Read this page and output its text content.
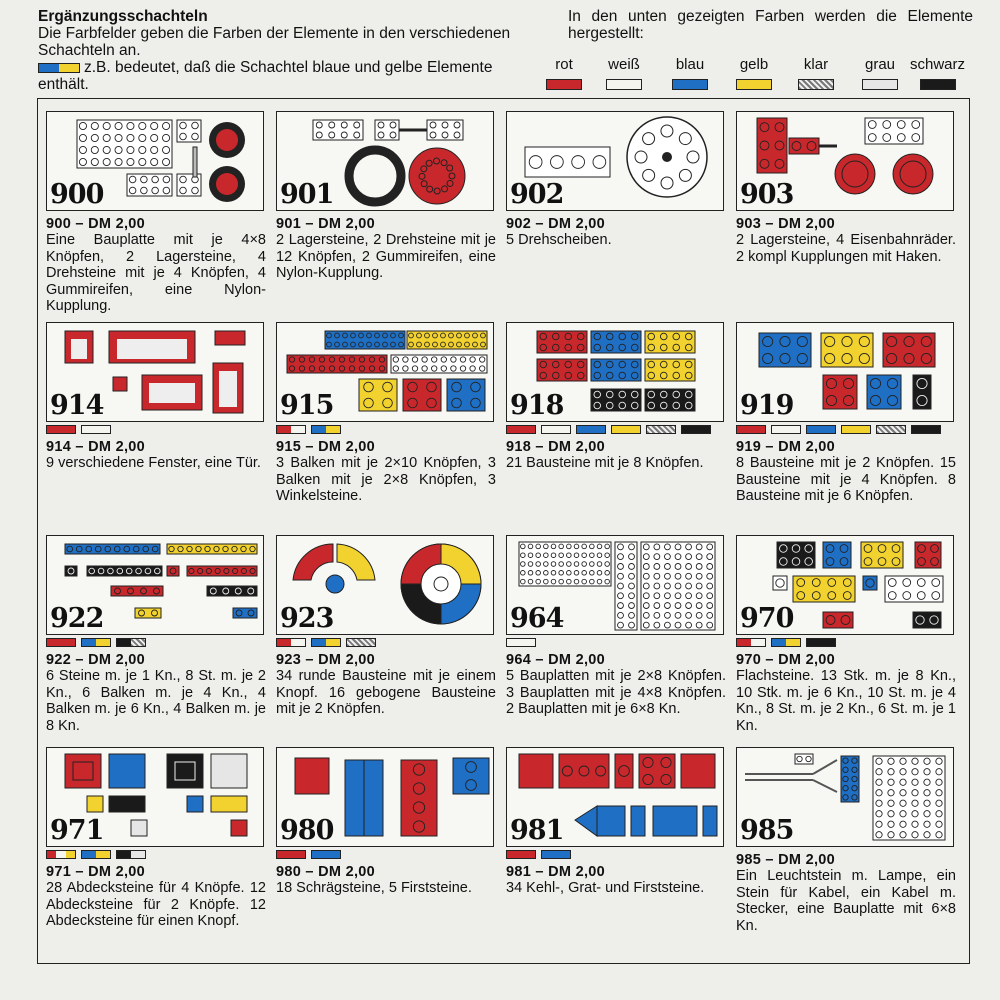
Ergänzungsschachteln
Die Farbfelder geben die Farben der Elemente in den verschiedenen Schachteln an.
z.B. bedeutet, daß die Schachtel blaue und gelbe Elemente enthält.
In den unten gezeigten Farben werden die Elemente hergestellt:
rot	weiß blau gelb	klar	grau schwarz
900
900 – DM 2,00
Eine Bauplatte mit je 4×8 Knöpfen, 2 Lagersteine, 4 Drehsteine mit je 4 Knöpfen, 4 Gummireifen, eine Nylon-Kupplung.
901
901 – DM 2,00
2 Lagersteine, 2 Drehsteine mit je 12 Knöpfen, 2 Gummireifen, eine Nylon-Kupplung.
902
902 – DM 2,00
5 Drehscheiben.
903
903 – DM 2,00
2 Lagersteine, 4 Eisenbahnräder. 2 kompl Kupplungen mit Haken.
914
914 – DM 2,00
9 verschiedene Fenster, eine Tür.
915
915 – DM 2,00
3 Balken mit je 2×10 Knöpfen, 3 Balken mit je 2×8 Knöpfen, 3 Winkelsteine.
918
918 – DM 2,00
21 Bausteine mit je 8 Knöpfen.
919
919 – DM 2,00
8 Bausteine mit je 2 Knöpfen. 15 Bausteine mit je 4 Knöpfen. 8 Bausteine mit je 6 Knöpfen.
922
922 – DM 2,00
6 Steine m. je 1 Kn., 8 St. m. je 2 Kn., 6 Balken m. je 4 Kn., 4 Balken m. je 6 Kn., 4 Balken m. je 8 Kn.
923
923 – DM 2,00
34 runde Bausteine mit je einem Knopf. 16 gebogene Bausteine mit je 2 Knöpfen.
964
964 – DM 2,00
5 Bauplatten mit je 2×8 Knöpfen. 3 Bauplatten mit je 4×8 Knöpfen. 2 Bauplatten mit je 6×8 Kn.
970
970 – DM 2,00
Flachsteine. 13 Stk. m. je 8 Kn., 10 Stk. m. je 6 Kn., 10 St. m. je 4 Kn., 8 St. m. je 2 Kn., 6 St. m. je 1 Kn.
971
971 – DM 2,00
28 Abdecksteine für 4 Knöpfe. 12 Abdecksteine für 2 Knöpfe. 12 Abdecksteine für einen Knopf.
980
980 – DM 2,00
18 Schrägsteine, 5 Firststeine.
981
981 – DM 2,00
34 Kehl-, Grat- und Firststeine.
985
985 – DM 2,00
Ein Leuchtstein m. Lampe, ein Stein für Kabel, ein Kabel m. Stecker, eine Bauplatte mit 6×8 Kn.
